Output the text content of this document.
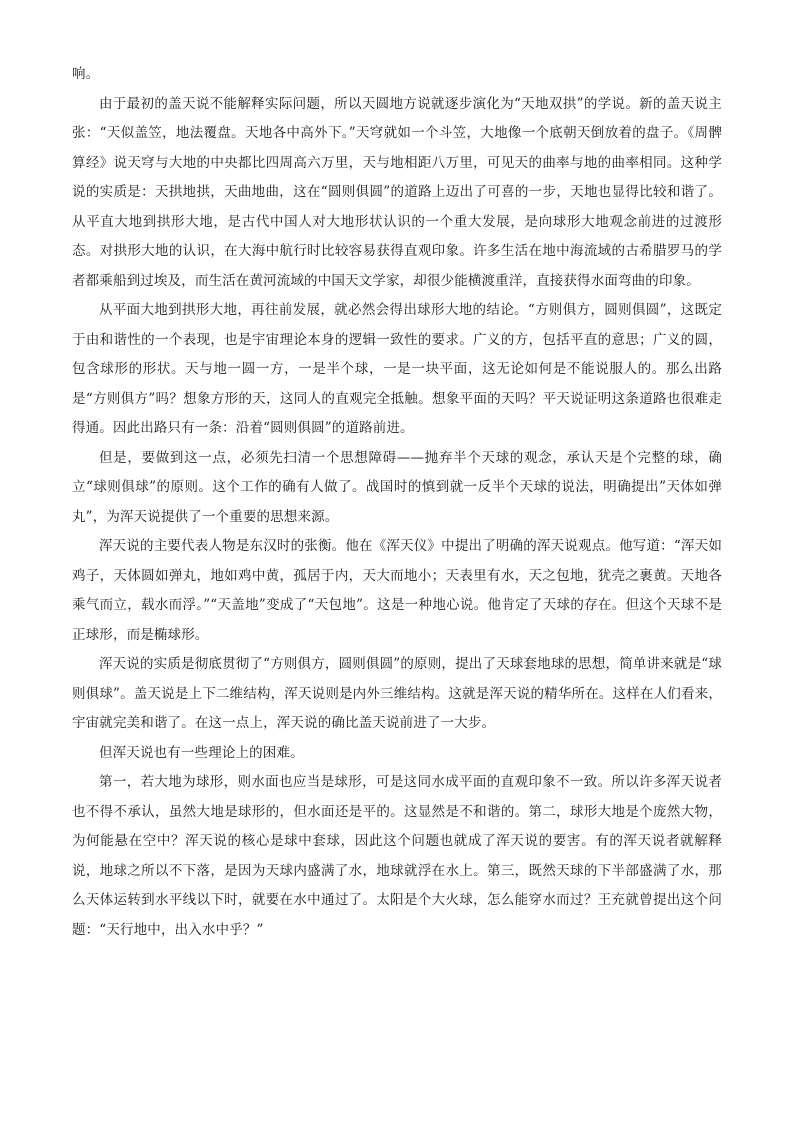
响。

由于最初的盖天说不能解释实际问题，所以天圆地方说就逐步演化为“天地双拱”的学说。新的盖天说主张：“天似盖笠，地法覆盘。天地各中高外下。”天穹就如一个斗笠，大地像一个底朝天倒放着的盘子。《周髀算经》说天穹与大地的中央都比四周高六万里，天与地相距八万里，可见天的曲率与地的曲率相同。这种学说的实质是：天拱地拱，天曲地曲，这在“圆则俱圆”的道路上迈出了可喜的一步，天地也显得比较和谐了。从平直大地到拱形大地，是古代中国人对大地形状认识的一个重大发展，是向球形大地观念前进的过渡形态。对拱形大地的认识，在大海中航行时比较容易获得直观印象。许多生活在地中海流域的古希腊罗马的学者都乘船到过埃及，而生活在黄河流域的中国天文学家，却很少能横渡重洋，直接获得水面弯曲的印象。

从平面大地到拱形大地，再往前发展，就必然会得出球形大地的结论。“方则俱方，圆则俱圆”，这既定于由和谐性的一个表现，也是宇宙理论本身的逻辑一致性的要求。广义的方，包括平直的意思；广义的圆，包含球形的形状。天与地一圆一方，一是半个球，一是一块平面，这无论如何是不能说服人的。那么出路是“方则俱方”吗？想象方形的天，这同人的直观完全抵触。想象平面的天吗？平天说证明这条道路也很难走得通。因此出路只有一条：沿着“圆则俱圆”的道路前进。

但是，要做到这一点，必须先扫清一个思想障碍——抛弃半个天球的观念，承认天是个完整的球，确立“球则俱球”的原则。这个工作的确有人做了。战国时的慎到就一反半个天球的说法，明确提出”天体如弹丸”，为浑天说提供了一个重要的思想来源。

浑天说的主要代表人物是东汉时的张衡。他在《浑天仪》中提出了明确的浑天说观点。他写道：“浑天如鸡子，天体圆如弹丸，地如鸡中黄，孤居于内，天大而地小；天表里有水，天之包地，犹壳之裹黄。天地各乘气而立，载水而浮。”“天盖地”变成了“天包地”。这是一种地心说。他肯定了天球的存在。但这个天球不是正球形，而是椭球形。

浑天说的实质是彻底贯彻了“方则俱方，圆则俱圆”的原则，提出了天球套地球的思想，简单讲来就是“球则俱球”。盖天说是上下二维结构，浑天说则是内外三维结构。这就是浑天说的精华所在。这样在人们看来，宇宙就完美和谐了。在这一点上，浑天说的确比盖天说前进了一大步。

但浑天说也有一些理论上的困难。

第一，若大地为球形，则水面也应当是球形，可是这同水成平面的直观印象不一致。所以许多浑天说者也不得不承认，虽然大地是球形的，但水面还是平的。这显然是不和谐的。第二，球形大地是个庞然大物，为何能悬在空中？浑天说的核心是球中套球，因此这个问题也就成了浑天说的要害。有的浑天说者就解释说，地球之所以不下落，是因为天球内盛满了水，地球就浮在水上。第三，既然天球的下半部盛满了水，那么天体运转到水平线以下时，就要在水中通过了。太阳是个大火球，怎么能穿水而过？王充就曾提出这个问题：“天行地中，出入水中乎？”
